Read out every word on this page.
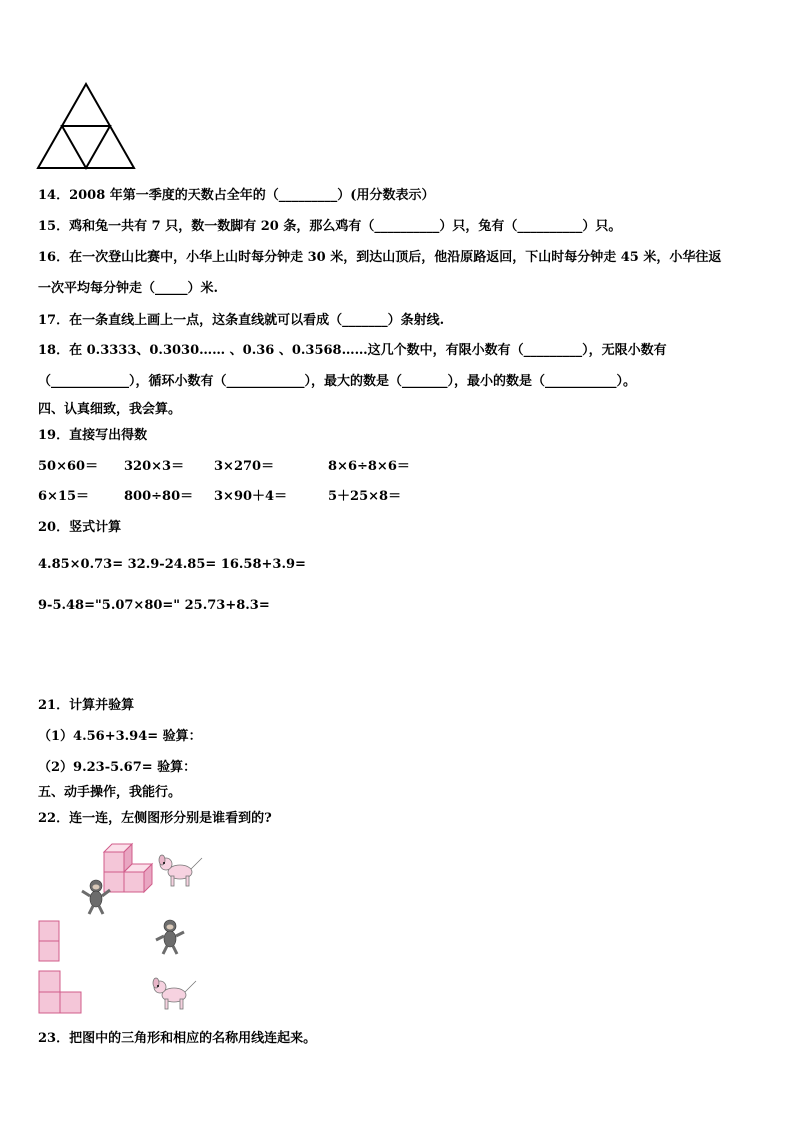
14．2008 年第一季度的天数占全年的（_________）(用分数表示）
15．鸡和兔一共有 7 只，数一数脚有 20 条，那么鸡有（__________）只，兔有（__________）只。
16．在一次登山比赛中，小华上山时每分钟走 30 米，到达山顶后，他沿原路返回，下山时每分钟走 45 米，小华往返
一次平均每分钟走（_____）米.
17．在一条直线上画上一点，这条直线就可以看成（_______）条射线.
18．在 0.3333、0.3030…… 、0.36 、0.3568……这几个数中，有限小数有（_________），无限小数有
（____________），循环小数有（____________），最大的数是（_______），最小的数是（___________）。
四、认真细致，我会算。
19．直接写出得数
50×60＝ 320×3＝ 3×270＝	8×6÷8×6＝
6×15＝	800÷80＝ 3×90＋4＝	5＋25×8＝
20．竖式计算
4.85×0.73= 32.9-24.85= 16.58+3.9=
9-5.48="5.07×80=" 25.73+8.3=
21．计算并验算
（1）4.56+3.94= 验算：
（2）9.23-5.67= 验算：
五、动手操作，我能行。
22．连一连，左侧图形分别是谁看到的?
23．把图中的三角形和相应的名称用线连起来。
